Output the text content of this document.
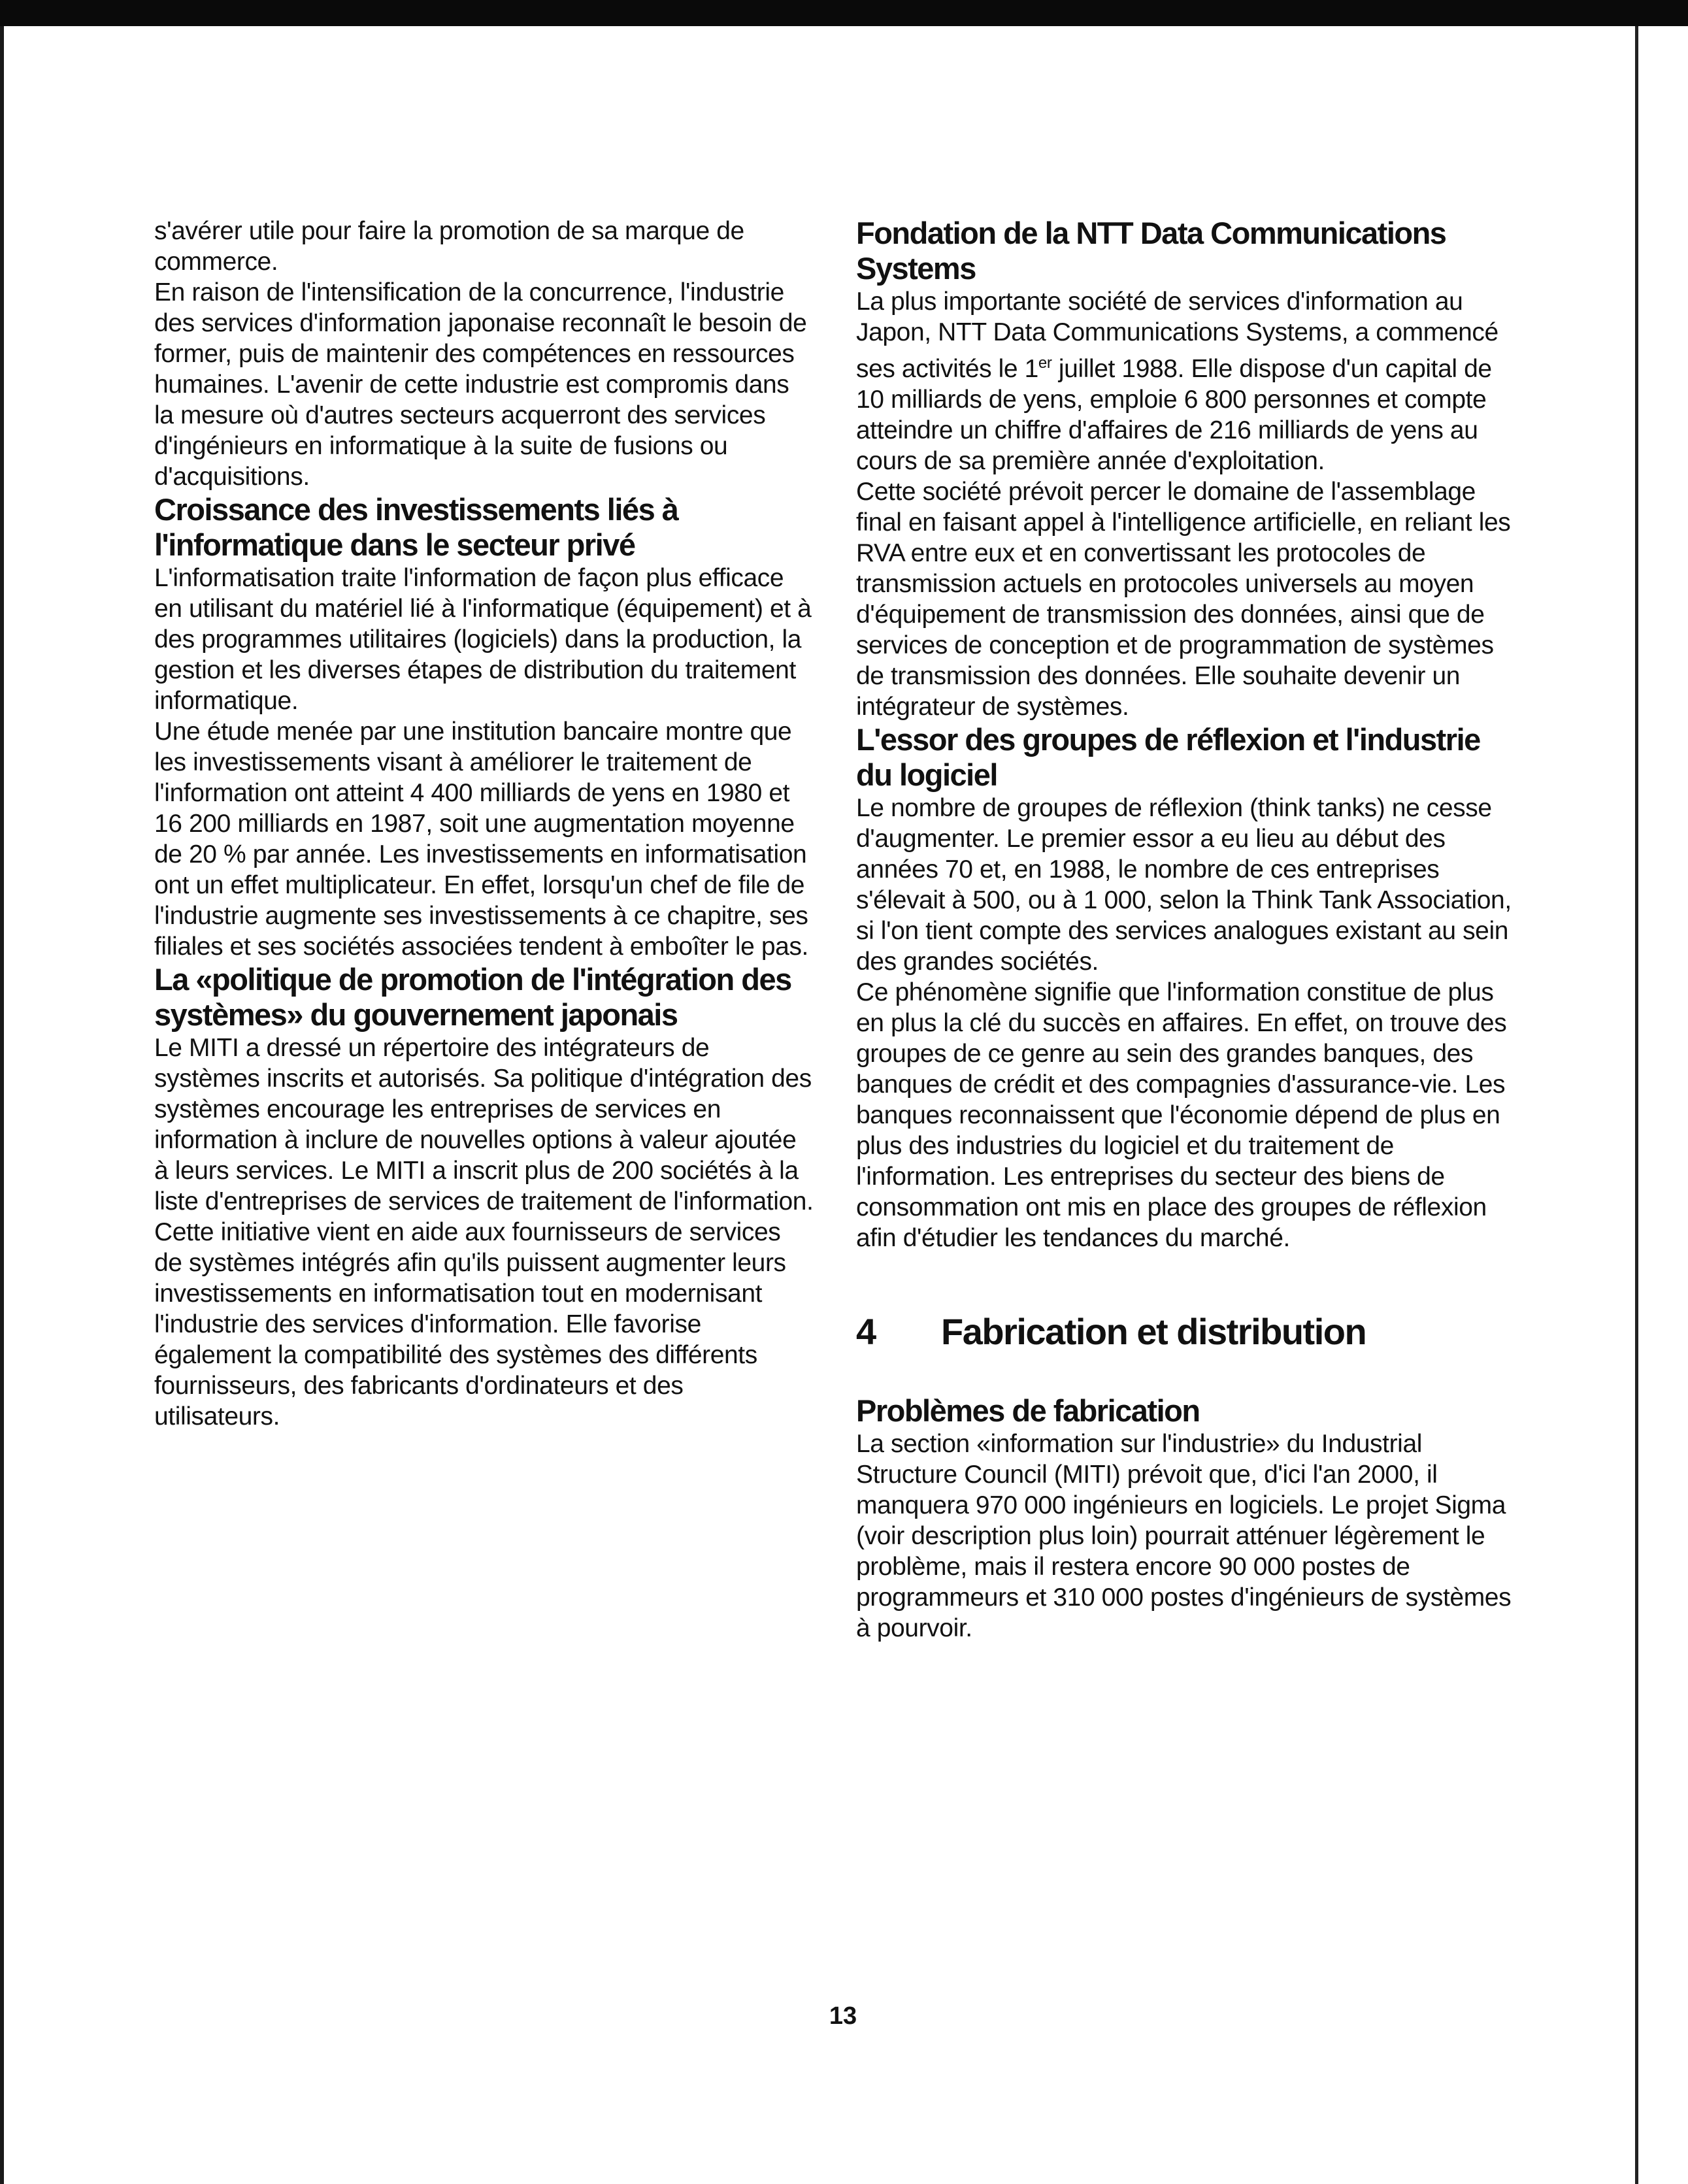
s'avérer utile pour faire la promotion de sa marque de commerce.

En raison de l'intensification de la concurrence, l'industrie des services d'information japonaise reconnaît le besoin de former, puis de maintenir des compétences en ressources humaines. L'avenir de cette industrie est compromis dans la mesure où d'autres secteurs acquerront des services d'ingénieurs en informatique à la suite de fusions ou d'acquisitions.

Croissance des investissements liés à l'informatique dans le secteur privé

L'informatisation traite l'information de façon plus efficace en utilisant du matériel lié à l'informatique (équipement) et à des programmes utilitaires (logiciels) dans la production, la gestion et les diverses étapes de distribution du traitement informatique.

Une étude menée par une institution bancaire montre que les investissements visant à améliorer le traitement de l'information ont atteint 4 400 milliards de yens en 1980 et 16 200 milliards en 1987, soit une augmentation moyenne de 20 % par année. Les investissements en informatisation ont un effet multiplicateur. En effet, lorsqu'un chef de file de l'industrie augmente ses investissements à ce chapitre, ses filiales et ses sociétés associées tendent à emboîter le pas.

La «politique de promotion de l'intégration des systèmes» du gouvernement japonais

Le MITI a dressé un répertoire des intégrateurs de systèmes inscrits et autorisés. Sa politique d'intégration des systèmes encourage les entreprises de services en information à inclure de nouvelles options à valeur ajoutée à leurs services. Le MITI a inscrit plus de 200 sociétés à la liste d'entreprises de services de traitement de l'information.

Cette initiative vient en aide aux fournisseurs de services de systèmes intégrés afin qu'ils puissent augmenter leurs investissements en informatisation tout en modernisant l'industrie des services d'information. Elle favorise également la compatibilité des systèmes des différents fournisseurs, des fabricants d'ordinateurs et des utilisateurs.

Fondation de la NTT Data Communications Systems

La plus importante société de services d'information au Japon, NTT Data Communications Systems, a commencé ses activités le 1er juillet 1988. Elle dispose d'un capital de 10 milliards de yens, emploie 6 800 personnes et compte atteindre un chiffre d'affaires de 216 milliards de yens au cours de sa première année d'exploitation.

Cette société prévoit percer le domaine de l'assemblage final en faisant appel à l'intelligence artificielle, en reliant les RVA entre eux et en convertissant les protocoles de transmission actuels en protocoles universels au moyen d'équipement de transmission des données, ainsi que de services de conception et de programmation de systèmes de transmission des données. Elle souhaite devenir un intégrateur de systèmes.

L'essor des groupes de réflexion et l'industrie du logiciel

Le nombre de groupes de réflexion (think tanks) ne cesse d'augmenter. Le premier essor a eu lieu au début des années 70 et, en 1988, le nombre de ces entreprises s'élevait à 500, ou à 1 000, selon la Think Tank Association, si l'on tient compte des services analogues existant au sein des grandes sociétés.

Ce phénomène signifie que l'information constitue de plus en plus la clé du succès en affaires. En effet, on trouve des groupes de ce genre au sein des grandes banques, des banques de crédit et des compagnies d'assurance-vie. Les banques reconnaissent que l'économie dépend de plus en plus des industries du logiciel et du traitement de l'information. Les entreprises du secteur des biens de consommation ont mis en place des groupes de réflexion afin d'étudier les tendances du marché.

4	Fabrication et distribution
Problèmes de fabrication

La section «information sur l'industrie» du Industrial Structure Council (MITI) prévoit que, d'ici l'an 2000, il manquera 970 000 ingénieurs en logiciels. Le projet Sigma (voir description plus loin) pourrait atténuer légèrement le problème, mais il restera encore 90 000 postes de programmeurs et 310 000 postes d'ingénieurs de systèmes à pourvoir.

13
